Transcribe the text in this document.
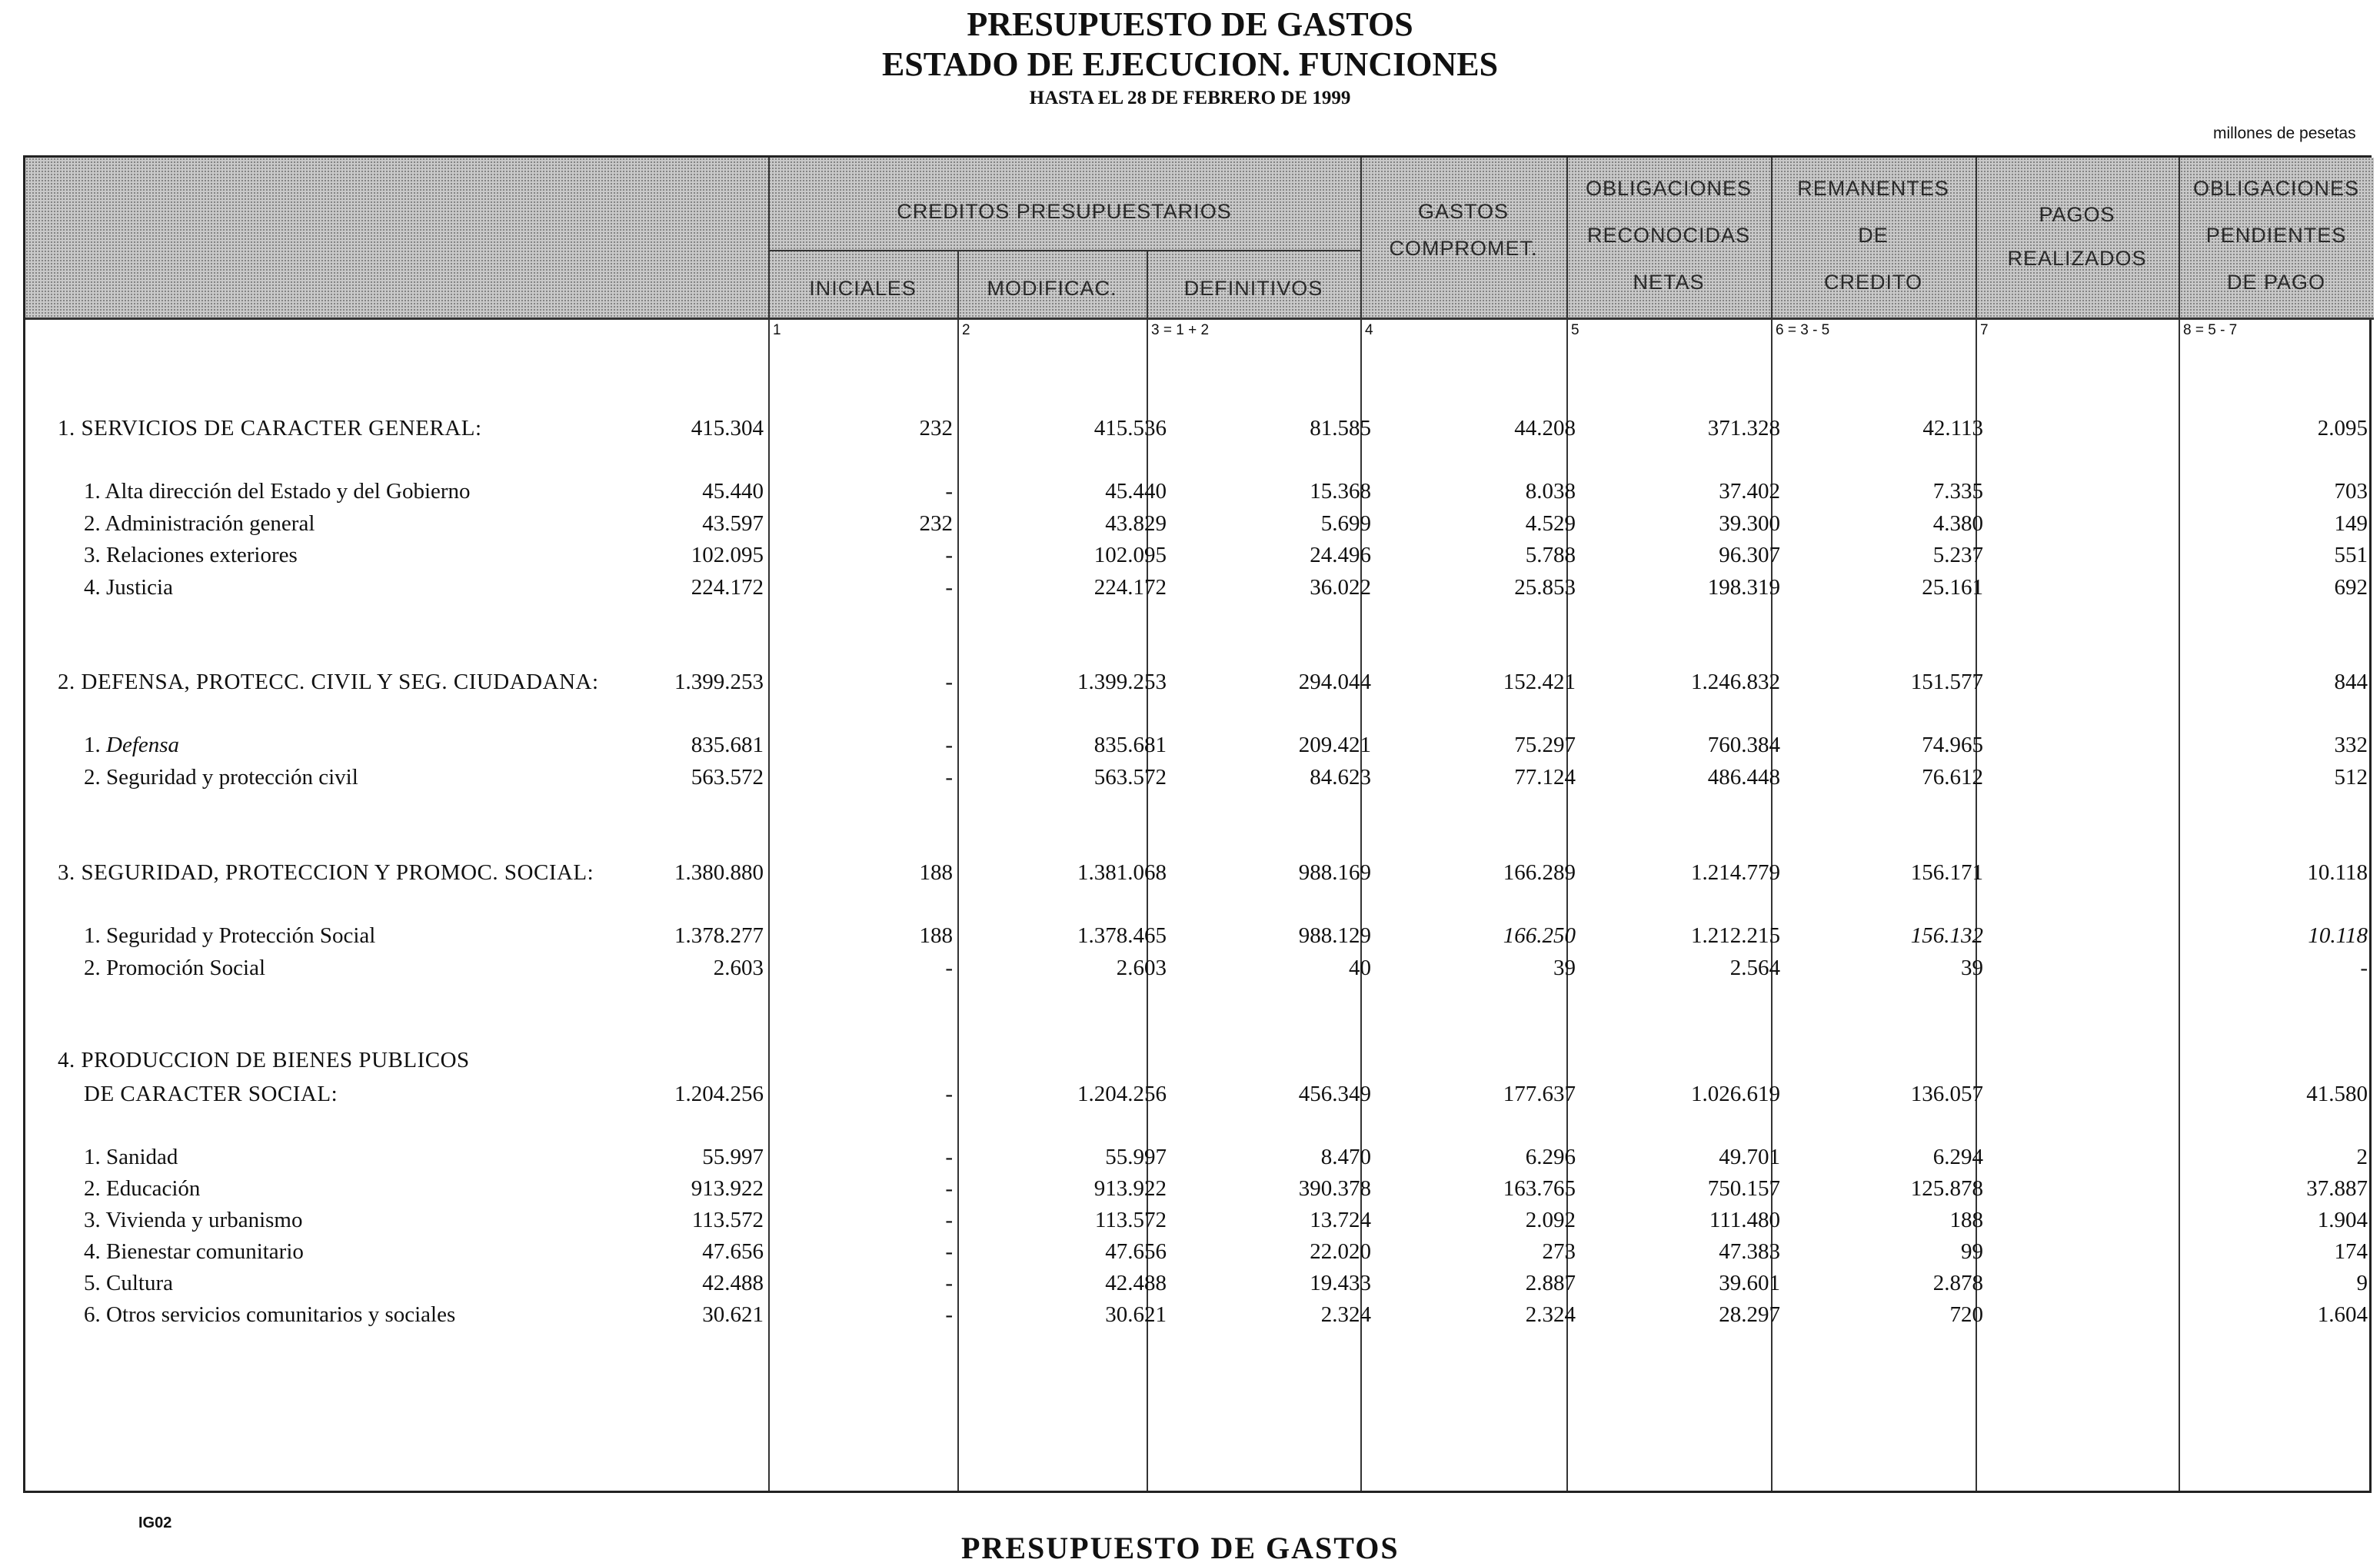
PRESUPUESTO DE GASTOS
ESTADO DE EJECUCION. FUNCIONES
HASTA EL 28 DE FEBRERO DE 1999
millones de pesetas
CREDITOS PRESUPUESTARIOS
INICIALES	MODIFICAC.	DEFINITIVOS
GASTOS
COMPROMET.
OBLIGACIONES
RECONOCIDAS
NETAS
REMANENTES
DE
CREDITO
PAGOS
REALIZADOS
OBLIGACIONES
PENDIENTES
DE PAGO
1	2	3 = 1 + 2	4	5	6 = 3 - 5	7	8 = 5 - 7
1. SERVICIOS DE CARACTER GENERAL:	415.304	232	415.536	81.585	44.208	371.328	42.113	2.095
1. Alta dirección del Estado y del Gobierno	45.440	-	45.440	15.368	8.038	37.402	7.335	703
2. Administración general	43.597	232	43.829	5.699	4.529	39.300	4.380	149
3. Relaciones exteriores	102.095	-	102.095	24.496	5.788	96.307	5.237	551
4. Justicia	224.172	-	224.172	36.022	25.853	198.319	25.161	692
2. DEFENSA, PROTECC. CIVIL Y SEG. CIUDADANA:	1.399.253	-	1.399.253	294.044	152.421	1.246.832	151.577	844
1. Defensa	835.681	-	835.681	209.421	75.297	760.384	74.965	332
2. Seguridad y protección civil	563.572	-	563.572	84.623	77.124	486.448	76.612	512
3. SEGURIDAD, PROTECCION Y PROMOC. SOCIAL:	1.380.880	188	1.381.068	988.169	166.289	1.214.779	156.171	10.118
1. Seguridad y Protección Social	1.378.277	188	1.378.465	988.129	166.250	1.212.215	156.132	10.118
2. Promoción Social	2.603	-	2.603	40	39	2.564	39	-
4. PRODUCCION DE BIENES PUBLICOS
DE CARACTER SOCIAL:	1.204.256	-	1.204.256	456.349	177.637	1.026.619	136.057	41.580
1. Sanidad	55.997	-	55.997	8.470	6.296	49.701	6.294	2
2. Educación	913.922	-	913.922	390.378	163.765	750.157	125.878	37.887
3. Vivienda y urbanismo	113.572	-	113.572	13.724	2.092	111.480	188	1.904
4. Bienestar comunitario	47.656	-	47.656	22.020	273	47.383	99	174
5. Cultura	42.488	-	42.488	19.433	2.887	39.601	2.878	9
6. Otros servicios comunitarios y sociales	30.621	-	30.621	2.324	2.324	28.297	720	1.604
IG02
PRESUPUESTO DE GASTOS
